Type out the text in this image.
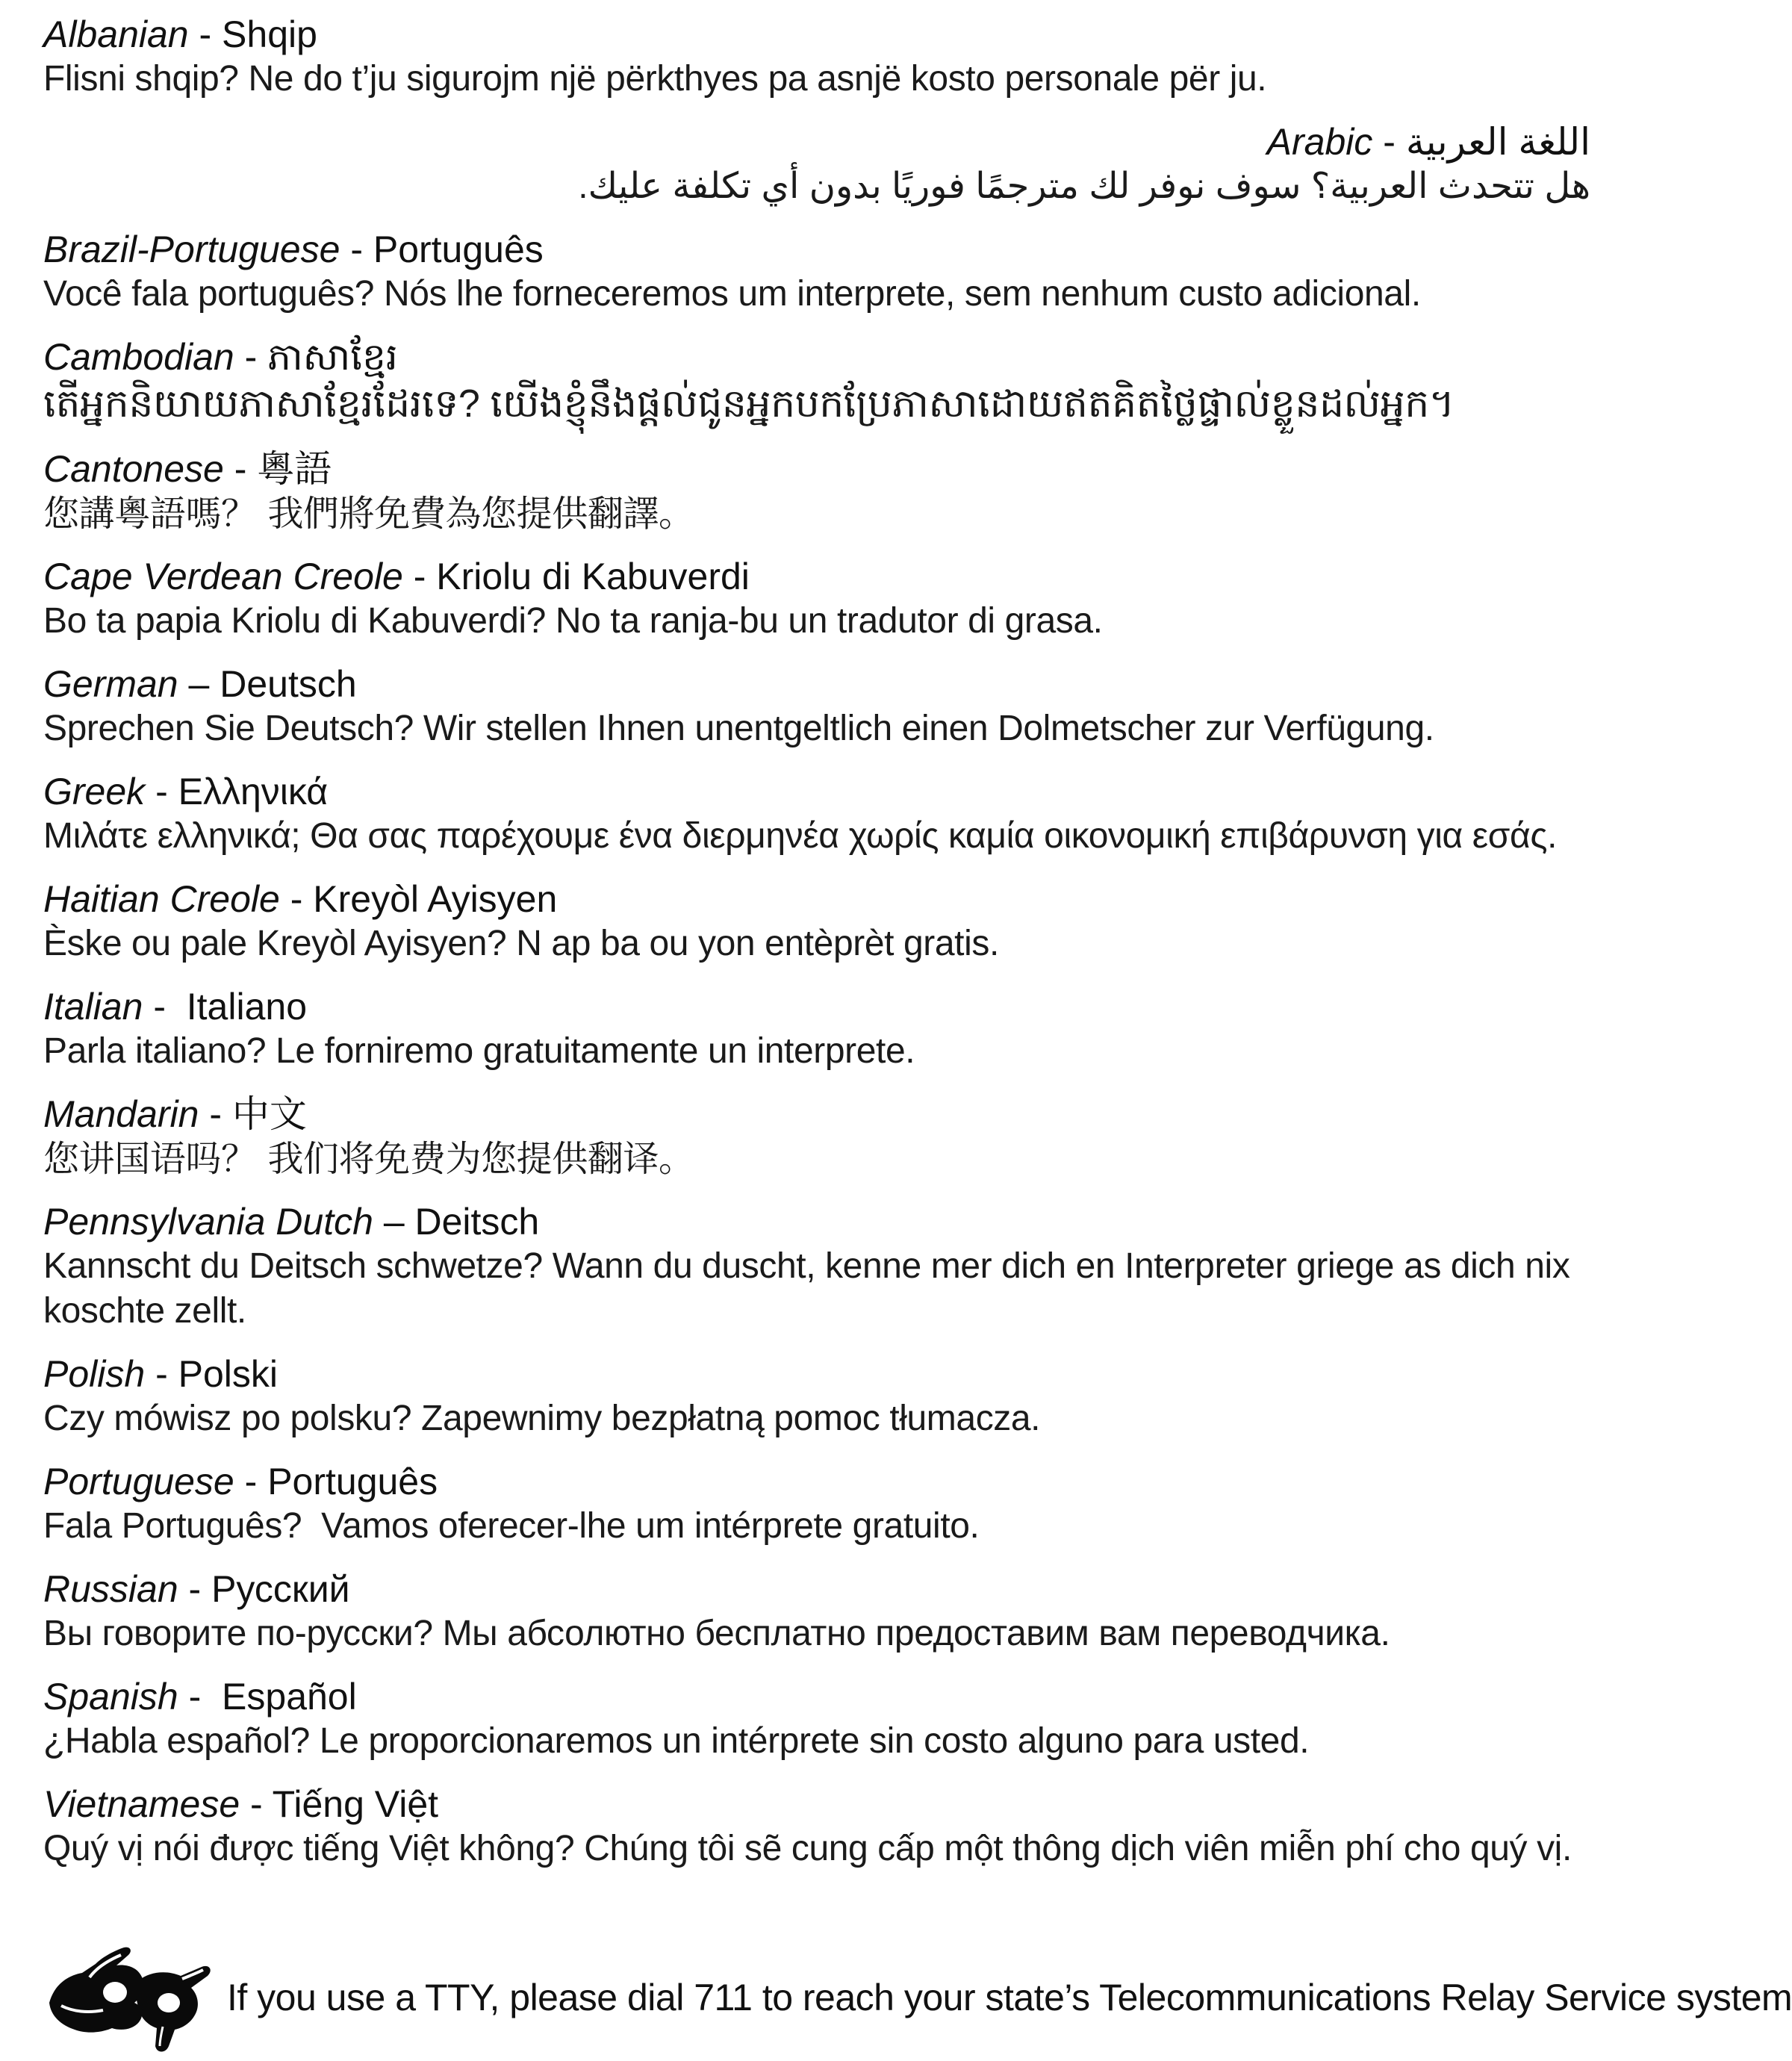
Albanian - Shqip
Flisni shqip? Ne do t’ju sigurojm një përkthyes pa asnjë kosto personale për ju.
اللغة العربية - Arabic
هل تتحدث العربية؟ سوف نوفر لك مترجمًا فوريًا بدون أي تكلفة عليك.
Brazil-Portuguese - Português
Você fala português? Nós lhe forneceremos um interprete, sem nenhum custo adicional.
Cambodian - ភាសាខ្មែរ
តើអ្នកនិយាយភាសាខ្មែរដែរទេ? យើងខ្ញុំនឹងផ្តល់ជូនអ្នកបកប្រែភាសាដោយឥតគិតថ្លៃផ្ទាល់ខ្លួនដល់អ្នក។
Cantonese - 粵語
您講粵語嗎？ 我們將免費為您提供翻譯。
Cape Verdean Creole - Kriolu di Kabuverdi
Bo ta papia Kriolu di Kabuverdi? No ta ranja-bu un tradutor di grasa.
German – Deutsch
Sprechen Sie Deutsch? Wir stellen Ihnen unentgeltlich einen Dolmetscher zur Verfügung.
Greek - Ελληνικά
Μιλάτε ελληνικά; Θα σας παρέχουμε ένα διερμηνέα χωρίς καμία οικονομική επιβάρυνση για εσάς.
Haitian Creole - Kreyòl Ayisyen
Èske ou pale Kreyòl Ayisyen? N ap ba ou yon entèprèt gratis.
Italian -  Italiano
Parla italiano? Le forniremo gratuitamente un interprete.
Mandarin - 中文
您讲国语吗？ 我们将免费为您提供翻译。
Pennsylvania Dutch – Deitsch
Kannscht du Deitsch schwetze? Wann du duscht, kenne mer dich en Interpreter griege as dich nix koschte zellt.
Polish - Polski
Czy mówisz po polsku? Zapewnimy bezpłatną pomoc tłumacza.
Portuguese - Português
Fala Português?  Vamos oferecer-lhe um intérprete gratuito.
Russian - Русский
Вы говорите по-русски? Мы абсолютно бесплатно предоставим вам переводчика.
Spanish -  Español
¿Habla español? Le proporcionaremos un intérprete sin costo alguno para usted.
Vietnamese - Tiếng Việt
Quý vị nói được tiếng Việt không? Chúng tôi sẽ cung cấp một thông dịch viên miễn phí cho quý vị.
If you use a TTY, please dial 711 to reach your state’s Telecommunications Relay Service system
